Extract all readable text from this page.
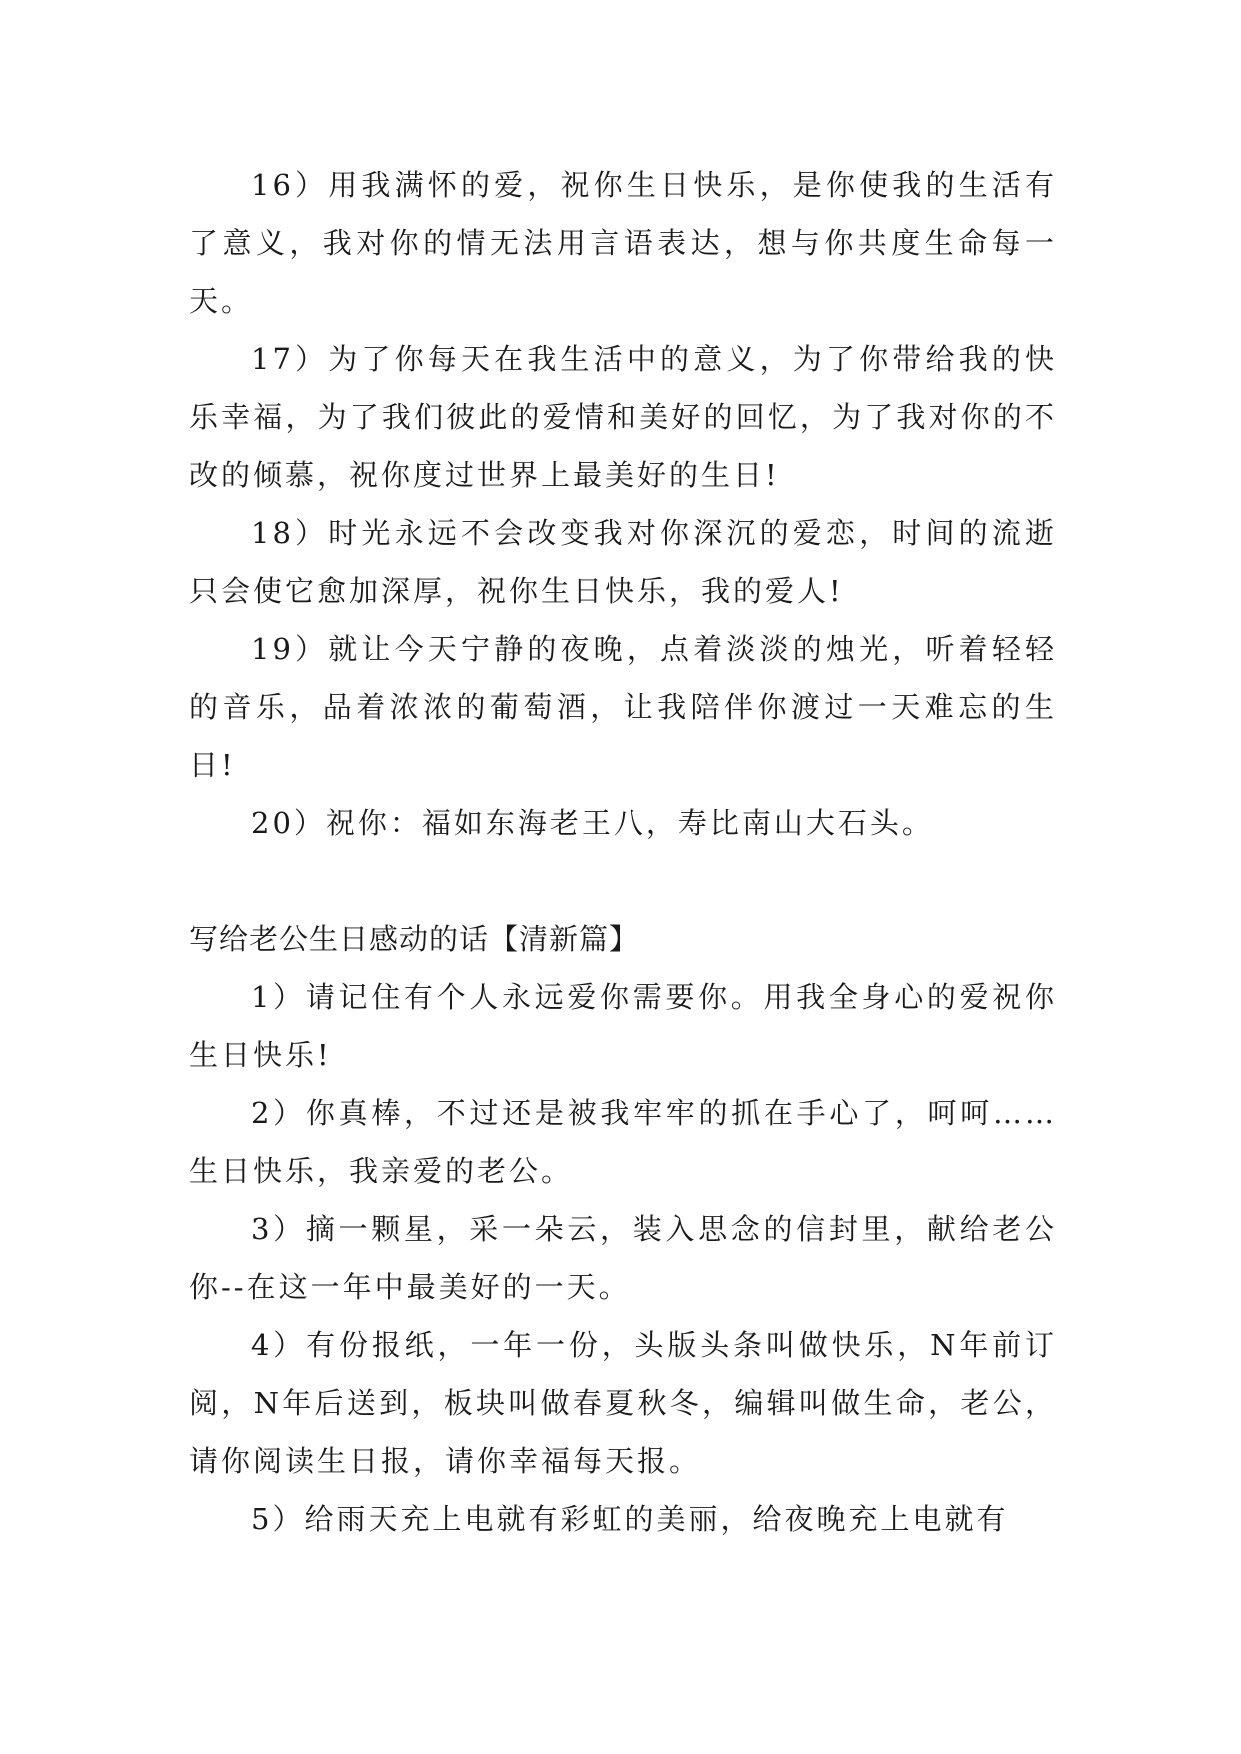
16）用我满怀的爱，祝你生日快乐，是你使我的生活有了意义，我对你的情无法用言语表达，想与你共度生命每一天。

17）为了你每天在我生活中的意义，为了你带给我的快乐幸福，为了我们彼此的爱情和美好的回忆，为了我对你的不改的倾慕，祝你度过世界上最美好的生日!

18）时光永远不会改变我对你深沉的爱恋，时间的流逝只会使它愈加深厚，祝你生日快乐，我的爱人!

19）就让今天宁静的夜晚，点着淡淡的烛光，听着轻轻的音乐，品着浓浓的葡萄酒，让我陪伴你渡过一天难忘的生日!

20）祝你：福如东海老王八，寿比南山大石头。

写给老公生日感动的话【清新篇】

1）请记住有个人永远爱你需要你。用我全身心的爱祝你生日快乐!

2）你真棒，不过还是被我牢牢的抓在手心了，呵呵……生日快乐，我亲爱的老公。

3）摘一颗星，采一朵云，装入思念的信封里，献给老公你--在这一年中最美好的一天。

4）有份报纸，一年一份，头版头条叫做快乐，N年前订阅，N年后送到，板块叫做春夏秋冬，编辑叫做生命，老公，请你阅读生日报，请你幸福每天报。

5）给雨天充上电就有彩虹的美丽，给夜晚充上电就有
